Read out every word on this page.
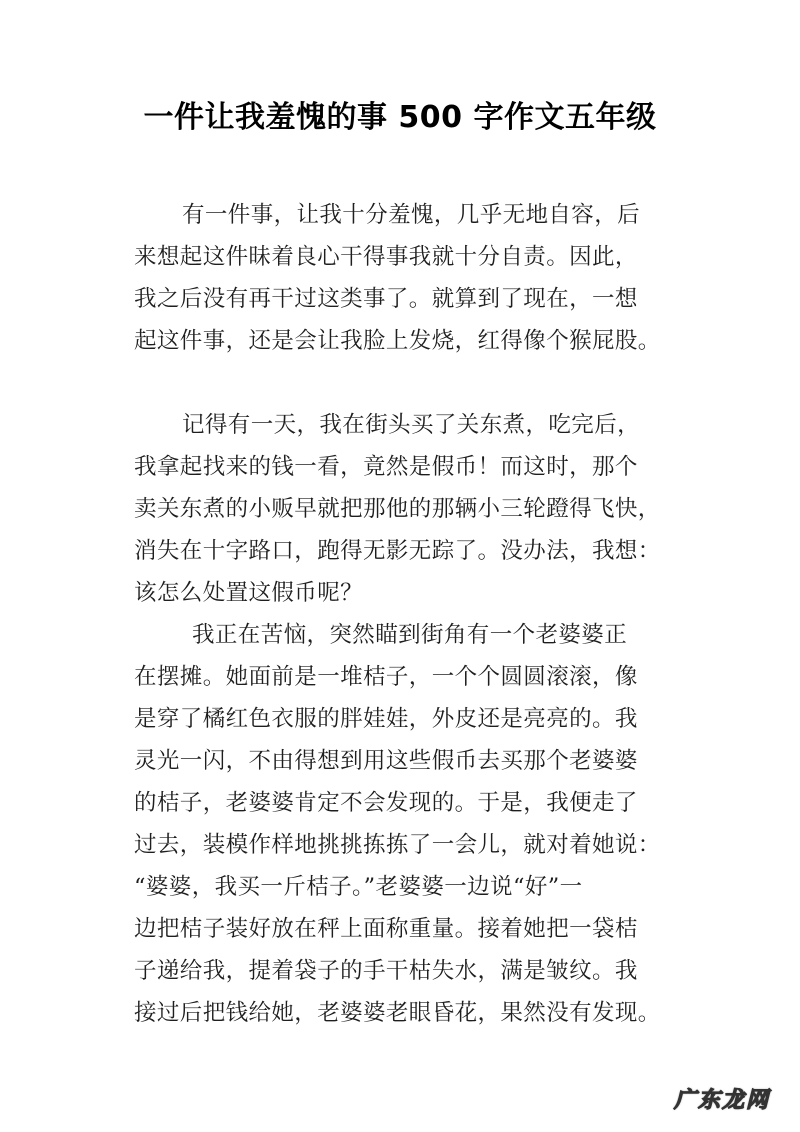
一件让我羞愧的事 500 字作文五年级
有一件事，让我十分羞愧，几乎无地自容，后
来想起这件昧着良心干得事我就十分自责。因此，
我之后没有再干过这类事了。就算到了现在，一想
起这件事，还是会让我脸上发烧，红得像个猴屁股。
记得有一天，我在街头买了关东煮，吃完后，
我拿起找来的钱一看，竟然是假币！而这时，那个
卖关东煮的小贩早就把那他的那辆小三轮蹬得飞快，
消失在十字路口，跑得无影无踪了。没办法，我想：
该怎么处置这假币呢？
我正在苦恼，突然瞄到街角有一个老婆婆正
在摆摊。她面前是一堆桔子，一个个圆圆滚滚，像
是穿了橘红色衣服的胖娃娃，外皮还是亮亮的。我
灵光一闪，不由得想到用这些假币去买那个老婆婆
的桔子，老婆婆肯定不会发现的。于是，我便走了
过去，装模作样地挑挑拣拣了一会儿，就对着她说：
“婆婆，我买一斤桔子。”老婆婆一边说“好”一
边把桔子装好放在秤上面称重量。接着她把一袋桔
子递给我，提着袋子的手干枯失水，满是皱纹。我
接过后把钱给她，老婆婆老眼昏花，果然没有发现。
广东龙网
